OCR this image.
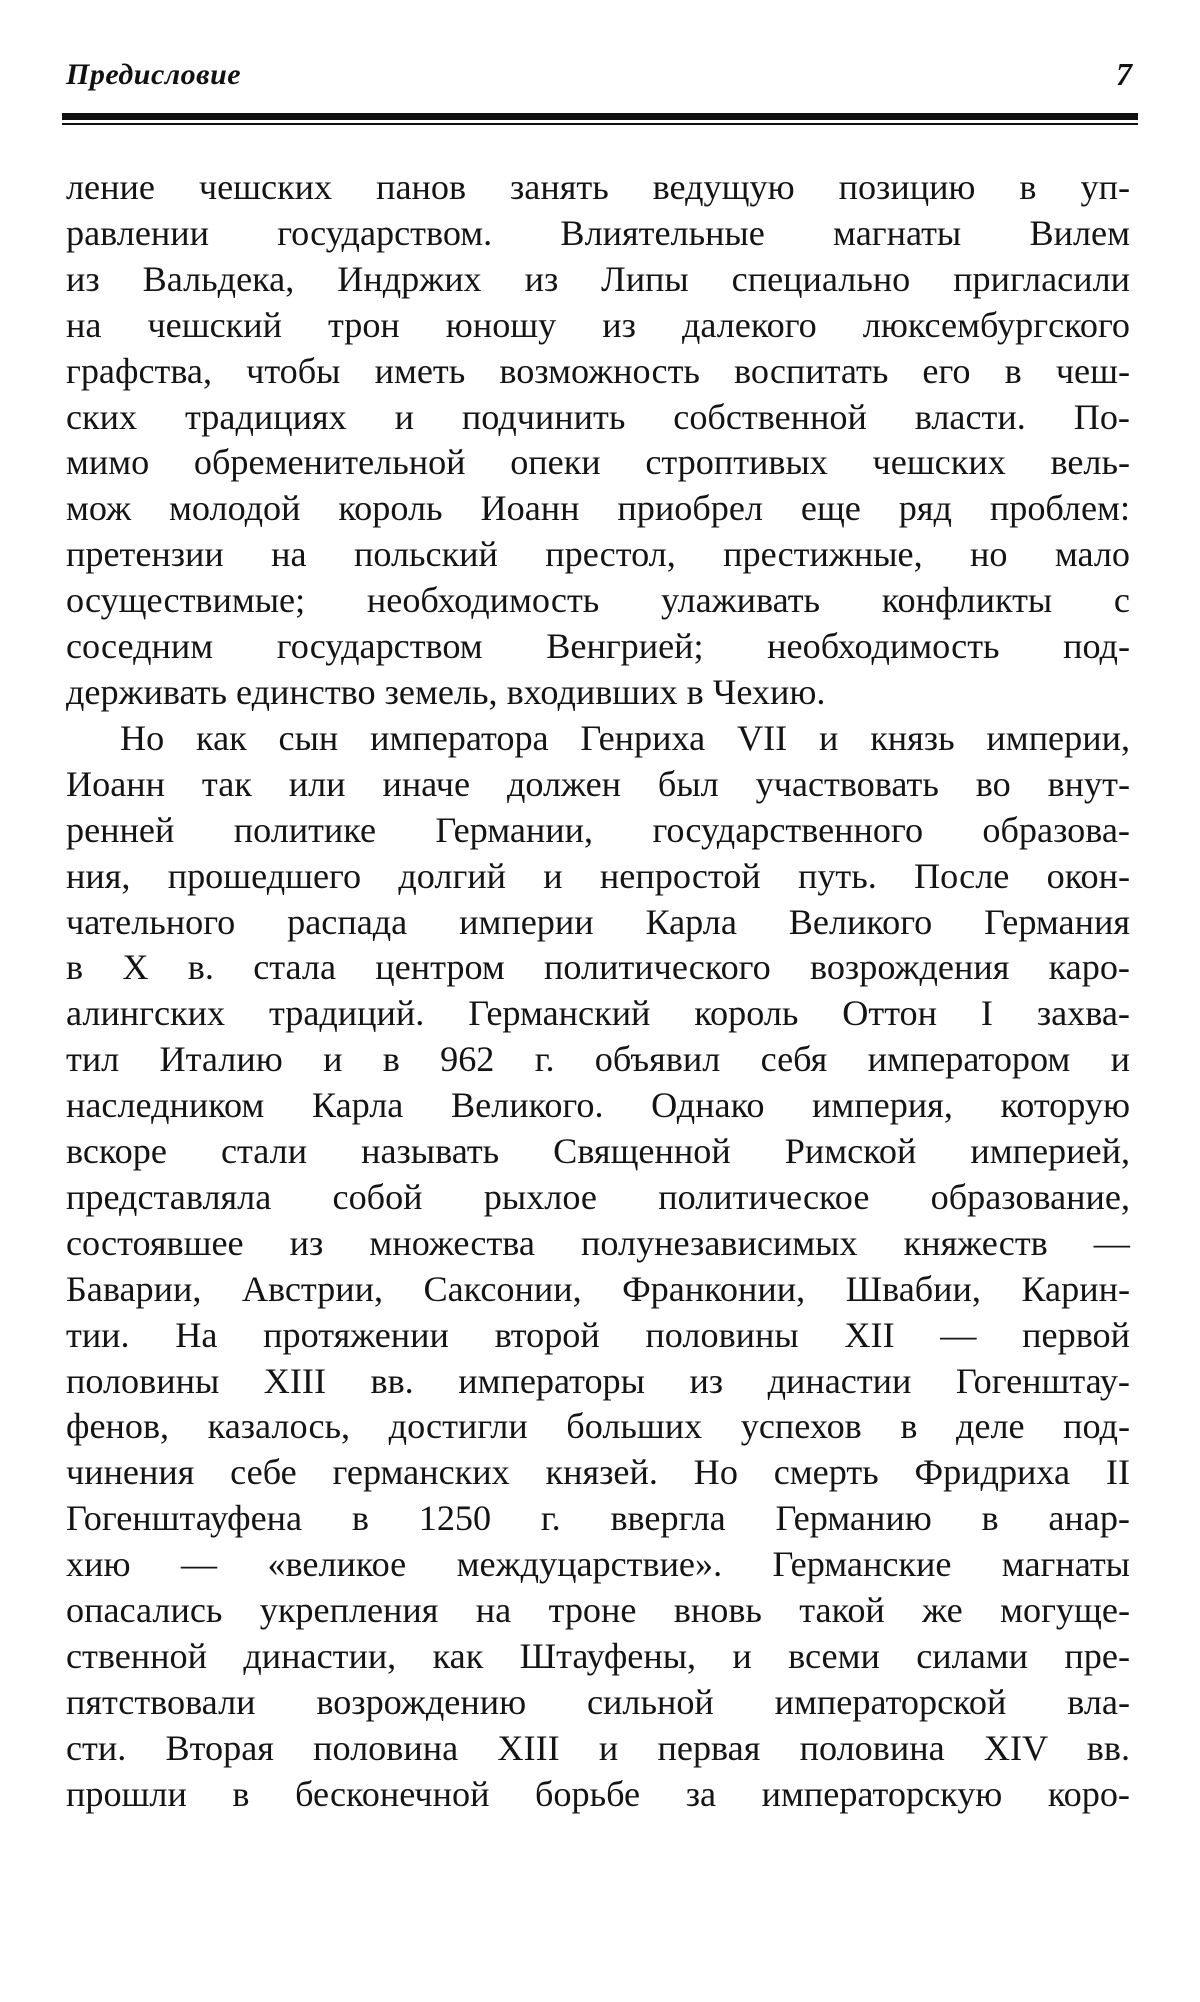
Предисловие	7
ление чешских панов занять ведущую позицию в уп-
равлении государством. Влиятельные магнаты Вилем
из Вальдека, Индржих из Липы специально пригласили
на чешский трон юношу из далекого люксембургского
графства, чтобы иметь возможность воспитать его в чеш-
ских традициях и подчинить собственной власти. По-
мимо обременительной опеки строптивых чешских вель-
мож молодой король Иоанн приобрел еще ряд проблем:
претензии на польский престол, престижные, но мало
осуществимые; необходимость улаживать конфликты с
соседним государством Венгрией; необходимость под-
держивать единство земель, входивших в Чехию.
Но как сын императора Генриха VII и князь империи,
Иоанн так или иначе должен был участвовать во внут-
ренней политике Германии, государственного образова-
ния, прошедшего долгий и непростой путь. После окон-
чательного распада империи Карла Великого Германия
в X в. стала центром политического возрождения каро-
алингских традиций. Германский король Оттон I захва-
тил Италию и в 962 г. объявил себя императором и
наследником Карла Великого. Однако империя, которую
вскоре стали называть Священной Римской империей,
представляла собой рыхлое политическое образование,
состоявшее из множества полунезависимых княжеств —
Баварии, Австрии, Саксонии, Франконии, Швабии, Карин-
тии. На протяжении второй половины XII — первой
половины XIII вв. императоры из династии Гогенштау-
фенов, казалось, достигли больших успехов в деле под-
чинения себе германских князей. Но смерть Фридриха II
Гогенштауфена в 1250 г. ввергла Германию в анар-
хию — «великое междуцарствие». Германские магнаты
опасались укрепления на троне вновь такой же могуще-
ственной династии, как Штауфены, и всеми силами пре-
пятствовали возрождению сильной императорской вла-
сти. Вторая половина XIII и первая половина XIV вв.
прошли в бесконечной борьбе за императорскую коро-
